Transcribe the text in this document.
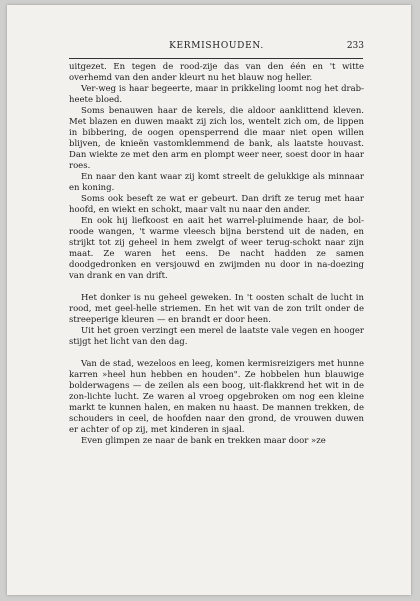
KERMISHOUDEN.	233

uitgezet. En tegen de rood-zije das van den één en 't witte overhemd van den ander kleurt nu het blauw nog heller.

Ver-weg is haar begeerte, maar in prikkeling loomt nog het drab-heete bloed.

Soms benauwen haar de kerels, die aldoor aanklittend kleven. Met blazen en duwen maakt zij zich los, wentelt zich om, de lippen in bibbering, de oogen opensperrend die maar niet open willen blijven, de knieën vastomklemmend de bank, als laatste houvast. Dan wiektе ze met den arm en plompt weer neer, soest door in haar roes.

En naar den kant waar zij komt streelt de gelukkige als minnaar en koning.

Soms ook beseft ze wat er gebeurt. Dan drift ze terug met haar hoofd, en wiekt en schokt, maar valt nu naar den ander.

En ook hij liefkoost en aait het warrel-pluimende haar, de bol-roode wangen, 't warme vleesch bijna berstend uit de naden, en strijkt tot zij geheel in hem zwelgt of weer terug-schokt naar zijn maat. Ze waren het eens. De nacht hadden ze samen doodgedronken en versjouwd en zwijmden nu door in na-doezing van drank en van drift.

Het donker is nu geheel geweken. In 't oosten schalt de lucht in rood, met geel-helle striemen. En het wit van de zon trilt onder de streeperige kleuren — en brandt er door heen.

Uit het groen verzingt een merel de laatste vale vegen en hooger stijgt het licht van den dag.

Van de stad, wezeloos en leeg, komen kermisreizigers met hunne karren »heel hun hebben en houden". Ze hobbelen hun blauwige bolderwagens — de zeilen als een boog, uit-flakkrend het wit in de zon-lichte lucht. Ze waren al vroeg opgebroken om nog een kleine markt te kunnen halen, en maken nu haast. De mannen trekken, de schouders in ceel, de hoofden naar den grond, de vrouwen duwen er achter of op zij, met kinderen in sjaal.

Even glimpen ze naar de bank en trekken maar door »ze
